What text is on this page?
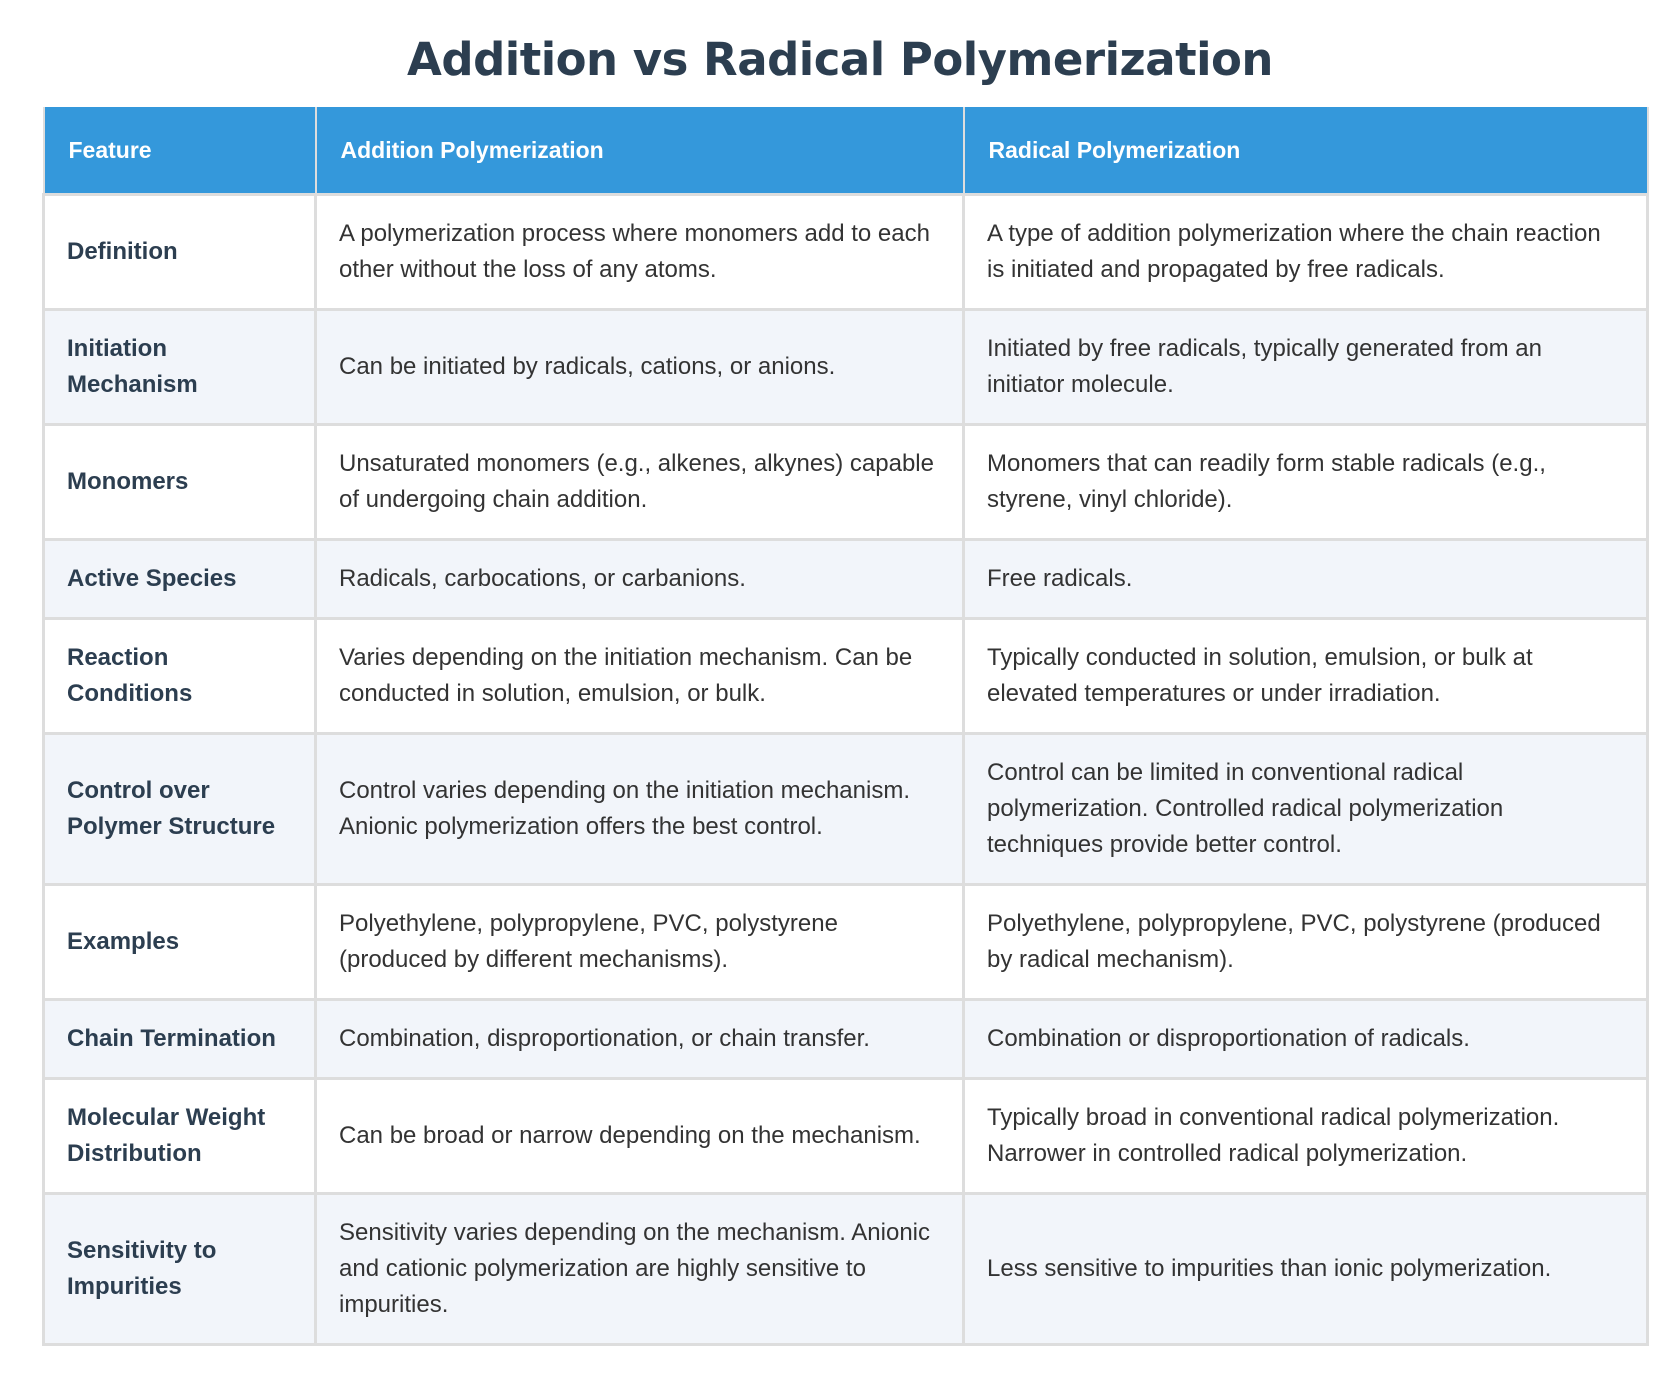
Addition vs Radical Polymerization
Feature	Addition Polymerization	Radical Polymerization
Definition	A polymerization process where monomers add to each other without the loss of any atoms.	A type of addition polymerization where the chain reaction is initiated and propagated by free radicals.
Initiation Mechanism	Can be initiated by radicals, cations, or anions.	Initiated by free radicals, typically generated from an initiator molecule.
Monomers	Unsaturated monomers (e.g., alkenes, alkynes) capable of undergoing chain addition.	Monomers that can readily form stable radicals (e.g., styrene, vinyl chloride).
Active Species	Radicals, carbocations, or carbanions.	Free radicals.
Reaction Conditions	Varies depending on the initiation mechanism. Can be conducted in solution, emulsion, or bulk.	Typically conducted in solution, emulsion, or bulk at elevated temperatures or under irradiation.
Control over Polymer Structure	Control varies depending on the initiation mechanism. Anionic polymerization offers the best control.	Control can be limited in conventional radical polymerization. Controlled radical polymerization techniques provide better control.
Examples	Polyethylene, polypropylene, PVC, polystyrene (produced by different mechanisms).	Polyethylene, polypropylene, PVC, polystyrene (produced by radical mechanism).
Chain Termination	Combination, disproportionation, or chain transfer.	Combination or disproportionation of radicals.
Molecular Weight Distribution	Can be broad or narrow depending on the mechanism.	Typically broad in conventional radical polymerization. Narrower in controlled radical polymerization.
Sensitivity to Impurities	Sensitivity varies depending on the mechanism. Anionic and cationic polymerization are highly sensitive to impurities.	Less sensitive to impurities than ionic polymerization.
